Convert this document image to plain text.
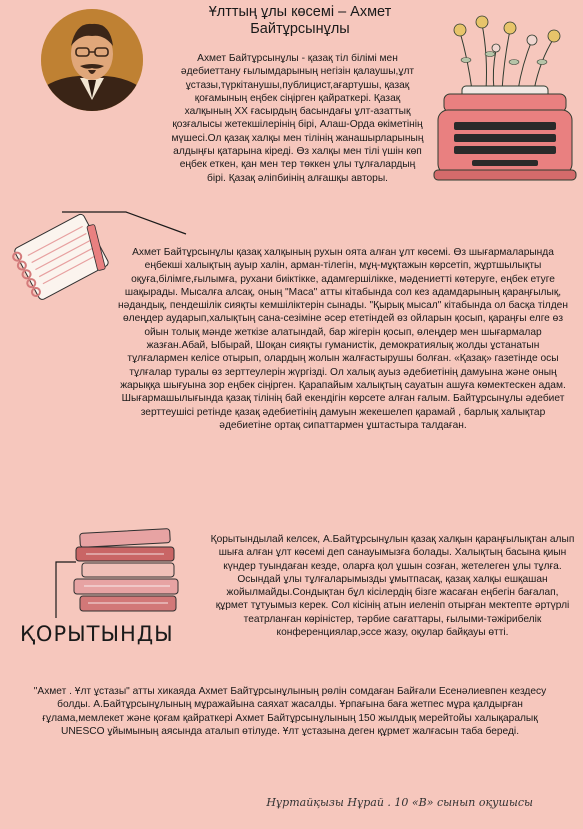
Ұлттың ұлы көсемі – Ахмет
Байтұрсынұлы

Ахмет Байтұрсынұлы - қазақ тіл білімі мен әдебиеттану ғылымдарының негізін қалаушы,ұлт ұстазы,түркітанушы,публицист,ағартушы, қазақ қоғамының еңбек сіңірген қайраткері. Қазақ халқының XX ғасырдың басындағы ұлт-азаттық қозғалысы жетекшілерінің бірі, Алаш-Орда өкіметінің мүшесі.Ол қазақ халқы мен тілінің жанашырларының алдыңғы қатарына кіреді. Өз халқы мен тілі үшін көп еңбек еткен, қан мен тер төккен ұлы тұлғалардың бірі. Қазақ әліпбиінің алғашқы авторы.

Ахмет Байтұрсынұлы қазақ халқының рухын оята алған ұлт көсемі. Өз шығармаларында еңбекші халықтың ауыр халін, арман-тілегін, мұң-мұқтажын көрсетіп, жұртшылықты оқуға,білімге,ғылымға, рухани биіктікке, адамгершілікке, мәдениетті көтеруге, еңбек етуге шақырады. Мысалға алсақ, оның "Маса" атты кітабында сол кез адамдарының қараңғылық, нәдандық, пендешілік сияқты кемшіліктерін сынады. "Қырық мысал" кітабында ол басқа тілден өлеңдер аударып,халықтың сана-сезіміне әсер ететіндей өз ойларын қосып, қараңғы елге өз ойын толық мәнде жеткізе алатындай, бар жігерін қосып, өлеңдер мен шығармалар жазған.Абай, Ыбырай, Шоқан сияқты гуманистік, демократиялық жолды ұстанатын тұлғалармен келісе отырып, олардың жолын жалғастырушы болған. «Қазақ» газетінде осы тұлғалар туралы өз зерттеулерін жүргізді. Ол халық ауыз әдебиетінің дамуына және оның жарыққа шығуына зор еңбек сіңірген. Қарапайым халықтың сауатын ашуға көмектескен адам. Шығармашылығында қазақ тілінің бай екендігін көрсете алған ғалым. Байтұрсынұлы әдебиет зерттеушісі ретінде қазақ әдебиетінің дамуын жекешелеп қарамай , барлық халықтар әдебиетіне ортақ сипаттармен ұштастыра талдаған.

ҚОРЫТЫНДЫ

Қорытындылай келсек, А.Байтұрсынұлын қазақ халқын қараңғылықтан алып шыға алған ұлт көсемі деп санауымызға болады. Халықтың басына қиын күндер туындаған кезде, оларға қол ұшын созған, жетелеген ұлы тұлға. Осындай ұлы тұлғаларымызды ұмытпасақ, қазақ халқы ешқашан жойылмайды.Сондықтан бұл кісілердің бізге жасаған еңбегін бағалап, құрмет тұтуымыз керек. Сол кісінің атын иеленіп отырған мектепте әртүрлі театрланған көріністер, тәрбие сағаттары, ғылыми-тәжірибелік конференциялар,эссе жазу, оқулар байқауы өтті.

"Ахмет . Ұлт ұстазы" атты хикаяда Ахмет Байтұрсынұлының рөлін сомдаған Байғали Есенәлиевпен кездесу болды. А.Байтұрсынұлының мұражайына саяхат жасалды. Ұрпағына баға жетпес мұра қалдырған ғұлама,мемлекет және қоғам қайраткері Ахмет Байтұрсынұлының 150 жылдық мерейтойы халықаралық UNESCO ұйымының аясында аталып өтілуде. Ұлт ұстазына деген құрмет жалғасын таба береді.

Нұртайқызы Нұрай . 10 «В» сынып оқушысы
